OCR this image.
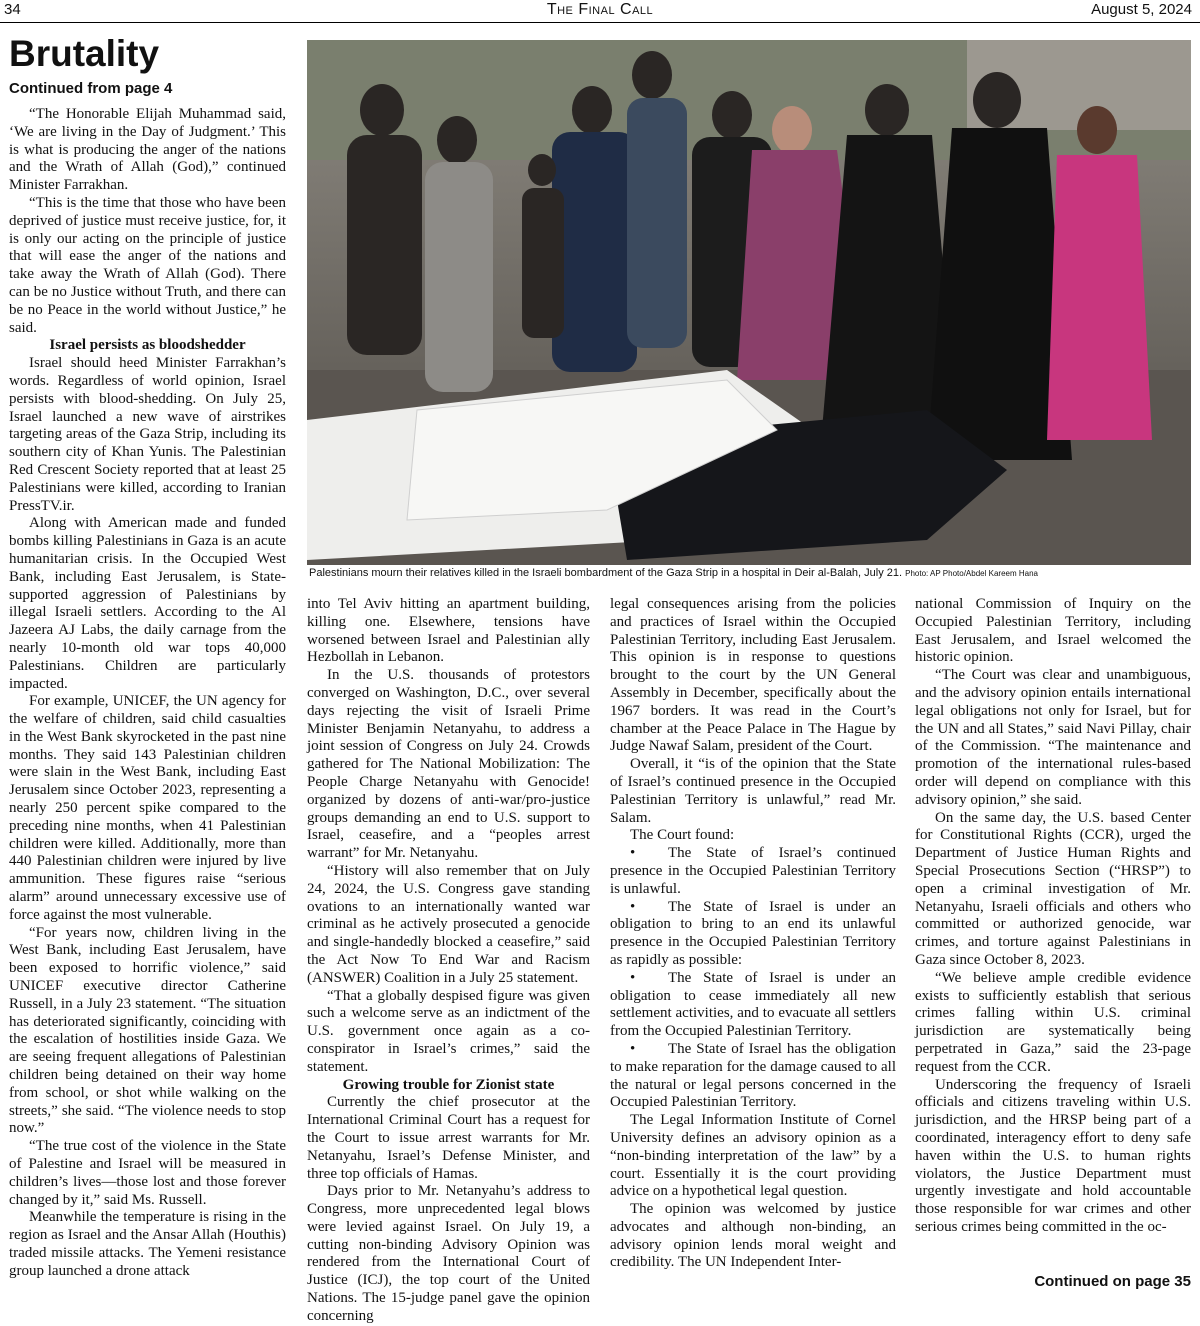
34	The Final Call	August 5, 2024
Brutality
Continued from page 4

“The Honorable Elijah Muhammad said, ‘We are living in the Day of Judgment.’ This is what is producing the anger of the nations and the Wrath of Allah (God),” continued Minister Farrakhan.

“This is the time that those who have been deprived of justice must receive justice, for, it is only our acting on the principle of justice that will ease the anger of the nations and take away the Wrath of Allah (God). There can be no Justice without Truth, and there can be no Peace in the world without Justice,” he said.

Israel persists as bloodshedder

Israel should heed Minister Farrakhan’s words. Regardless of world opinion, Israel persists with blood-shedding. On July 25, Israel launched a new wave of airstrikes targeting areas of the Gaza Strip, including its southern city of Khan Yunis. The Palestinian Red Crescent Society reported that at least 25 Palestinians were killed, according to Iranian PressTV.ir.

Along with American made and funded bombs killing Palestinians in Gaza is an acute humanitarian crisis. In the Occupied West Bank, including East Jerusalem, is State-supported aggression of Palestinians by illegal Israeli settlers. According to the Al Jazeera AJ Labs, the daily carnage from the nearly 10-month old war tops 40,000 Palestinians. Children are particularly impacted.

For example, UNICEF, the UN agency for the welfare of children, said child casualties in the West Bank skyrocketed in the past nine months. They said 143 Palestinian children were slain in the West Bank, including East Jerusalem since October 2023, representing a nearly 250 percent spike compared to the preceding nine months, when 41 Palestinian children were killed. Additionally, more than 440 Palestinian children were injured by live ammunition. These figures raise “serious alarm” around unnecessary excessive use of force against the most vulnerable.

“For years now, children living in the West Bank, including East Jerusalem, have been exposed to horrific violence,” said UNICEF executive director Catherine Russell, in a July 23 statement. “The situation has deteriorated significantly, coinciding with the escalation of hostilities inside Gaza. We are seeing frequent allegations of Palestinian children being detained on their way home from school, or shot while walking on the streets,” she said. “The violence needs to stop now.”

“The true cost of the violence in the State of Palestine and Israel will be measured in children’s lives—those lost and those forever changed by it,” said Ms. Russell.

Meanwhile the temperature is rising in the region as Israel and the Ansar Allah (Houthis) traded missile attacks. The Yemeni resistance group launched a drone attack

Palestinians mourn their relatives killed in the Israeli bombardment of the Gaza Strip in a hospital in Deir al-Balah, July 21. Photo: AP Photo/Abdel Kareem Hana

into Tel Aviv hitting an apartment building, killing one. Elsewhere, tensions have worsened between Israel and Palestinian ally Hezbollah in Lebanon.

In the U.S. thousands of protestors converged on Washington, D.C., over several days rejecting the visit of Israeli Prime Minister Benjamin Netanyahu, to address a joint session of Congress on July 24. Crowds gathered for The National Mobilization: The People Charge Netanyahu with Genocide! organized by dozens of anti-war/pro-justice groups demanding an end to U.S. support to Israel, ceasefire, and a “peoples arrest warrant” for Mr. Netanyahu.

“History will also remember that on July 24, 2024, the U.S. Congress gave standing ovations to an internationally wanted war criminal as he actively prosecuted a genocide and single-handedly blocked a ceasefire,” said the Act Now To End War and Racism (ANSWER) Coalition in a July 25 statement.

“That a globally despised figure was given such a welcome serve as an indictment of the U.S. government once again as a co-conspirator in Israel’s crimes,” said the statement.

Growing trouble for Zionist state

Currently the chief prosecutor at the International Criminal Court has a request for the Court to issue arrest warrants for Mr. Netanyahu, Israel’s Defense Minister, and three top officials of Hamas.

Days prior to Mr. Netanyahu’s address to Congress, more unprecedented legal blows were levied against Israel. On July 19, a cutting non-binding Advisory Opinion was rendered from the International Court of Justice (ICJ), the top court of the United Nations. The 15-judge panel gave the opinion concerning

legal consequences arising from the policies and practices of Israel within the Occupied Palestinian Territory, including East Jerusalem. This opinion is in response to questions brought to the court by the UN General Assembly in December, specifically about the 1967 borders. It was read in the Court’s chamber at the Peace Palace in The Hague by Judge Nawaf Salam, president of the Court.

Overall, it “is of the opinion that the State of Israel’s continued presence in the Occupied Palestinian Territory is unlawful,” read Mr. Salam.

The Court found:

• The State of Israel’s continued presence in the Occupied Palestinian Territory is unlawful.
• The State of Israel is under an obligation to bring to an end its unlawful presence in the Occupied Palestinian Territory as rapidly as possible:
• The State of Israel is under an obligation to cease immediately all new settlement activities, and to evacuate all settlers from the Occupied Palestinian Territory.
• The State of Israel has the obligation to make reparation for the damage caused to all the natural or legal persons concerned in the Occupied Palestinian Territory.

The Legal Information Institute of Cornel University defines an advisory opinion as a “non-binding interpretation of the law” by a court. Essentially it is the court providing advice on a hypothetical legal question.

The opinion was welcomed by justice advocates and although non-binding, an advisory opinion lends moral weight and credibility. The UN Independent Inter-

national Commission of Inquiry on the Occupied Palestinian Territory, including East Jerusalem, and Israel welcomed the historic opinion.

“The Court was clear and unambiguous, and the advisory opinion entails international legal obligations not only for Israel, but for the UN and all States,” said Navi Pillay, chair of the Commission. “The maintenance and promotion of the international rules-based order will depend on compliance with this advisory opinion,” she said.

On the same day, the U.S. based Center for Constitutional Rights (CCR), urged the Department of Justice Human Rights and Special Prosecutions Section (“HRSP”) to open a criminal investigation of Mr. Netanyahu, Israeli officials and others who committed or authorized genocide, war crimes, and torture against Palestinians in Gaza since October 8, 2023.

“We believe ample credible evidence exists to sufficiently establish that serious crimes falling within U.S. criminal jurisdiction are systematically being perpetrated in Gaza,” said the 23-page request from the CCR.

Underscoring the frequency of Israeli officials and citizens traveling within U.S. jurisdiction, and the HRSP being part of a coordinated, interagency effort to deny safe haven within the U.S. to human rights violators, the Justice Department must urgently investigate and hold accountable those responsible for war crimes and other serious crimes being committed in the oc-

Continued on page 35
